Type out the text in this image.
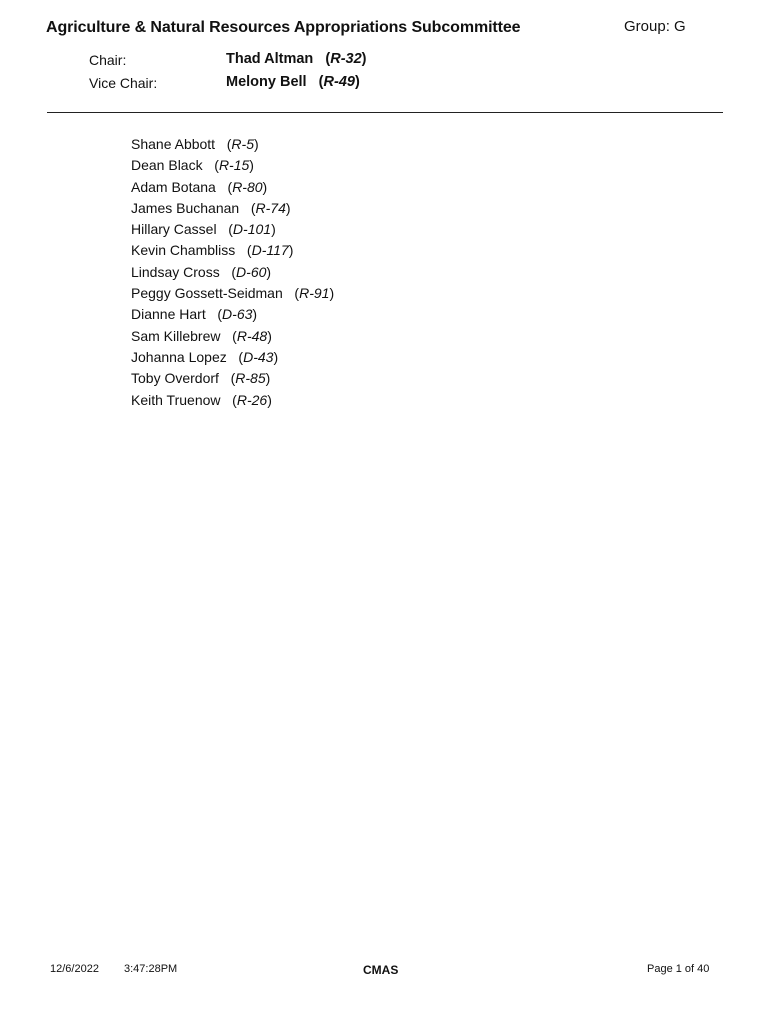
Agriculture & Natural Resources Appropriations Subcommittee	Group: G
Chair:	Thad Altman (R-32)
Vice Chair:	Melony Bell (R-49)
Shane Abbott   (R-5)
Dean Black   (R-15)
Adam Botana   (R-80)
James Buchanan   (R-74)
Hillary Cassel   (D-101)
Kevin Chambliss   (D-117)
Lindsay Cross   (D-60)
Peggy Gossett-Seidman   (R-91)
Dianne Hart   (D-63)
Sam Killebrew   (R-48)
Johanna Lopez   (D-43)
Toby Overdorf   (R-85)
Keith Truenow   (R-26)
12/6/2022 3:47:28PM	CMAS	Page 1 of 40
